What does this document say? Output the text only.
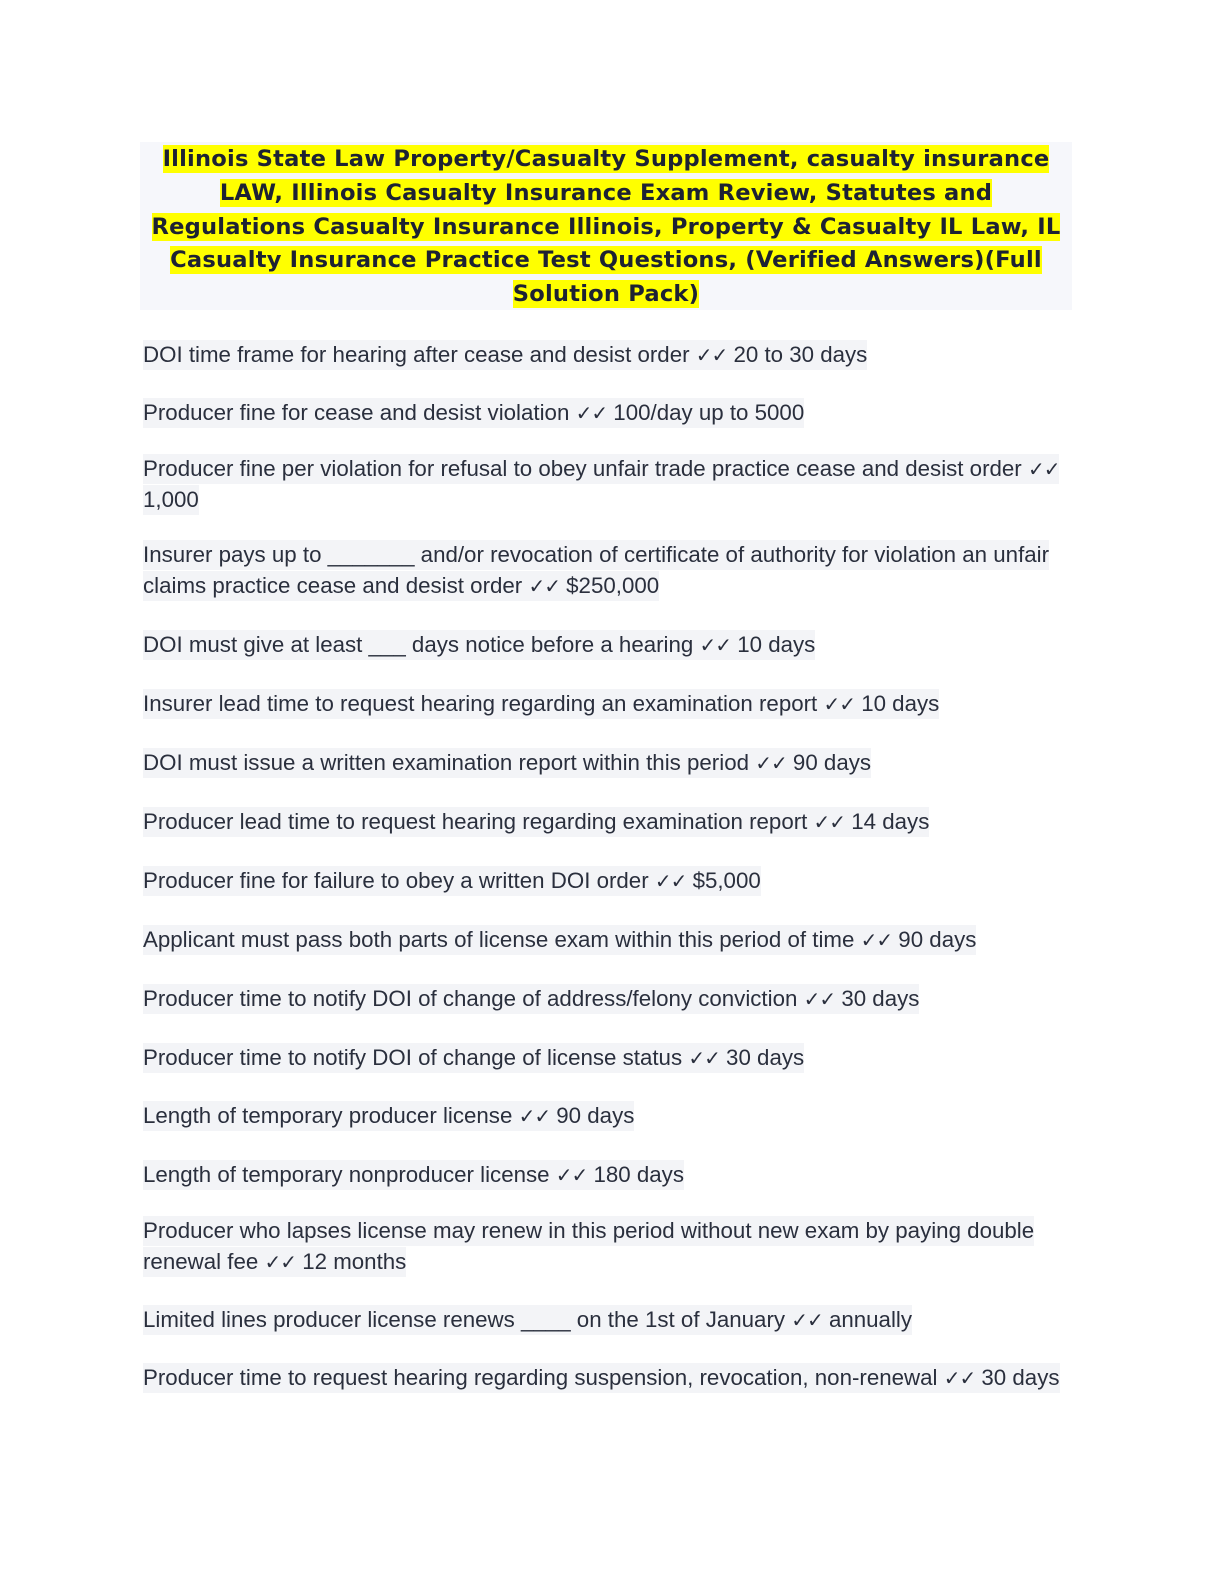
Illinois State Law Property/Casualty Supplement, casualty insurance LAW, Illinois Casualty Insurance Exam Review, Statutes and Regulations Casualty Insurance Illinois, Property & Casualty IL Law, IL Casualty Insurance Practice Test Questions, (Verified Answers)(Full Solution Pack)
DOI time frame for hearing after cease and desist order ✓✓ 20 to 30 days
Producer fine for cease and desist violation ✓✓ 100/day up to 5000
Producer fine per violation for refusal to obey unfair trade practice cease and desist order ✓✓ 1,000
Insurer pays up to _______ and/or revocation of certificate of authority for violation an unfair claims practice cease and desist order ✓✓ $250,000
DOI must give at least ___ days notice before a hearing ✓✓ 10 days
Insurer lead time to request hearing regarding an examination report ✓✓ 10 days
DOI must issue a written examination report within this period ✓✓ 90 days
Producer lead time to request hearing regarding examination report ✓✓ 14 days
Producer fine for failure to obey a written DOI order ✓✓ $5,000
Applicant must pass both parts of license exam within this period of time ✓✓ 90 days
Producer time to notify DOI of change of address/felony conviction ✓✓ 30 days
Producer time to notify DOI of change of license status ✓✓ 30 days
Length of temporary producer license ✓✓ 90 days
Length of temporary nonproducer license ✓✓ 180 days
Producer who lapses license may renew in this period without new exam by paying double renewal fee ✓✓ 12 months
Limited lines producer license renews ____ on the 1st of January ✓✓ annually
Producer time to request hearing regarding suspension, revocation, non-renewal ✓✓ 30 days
